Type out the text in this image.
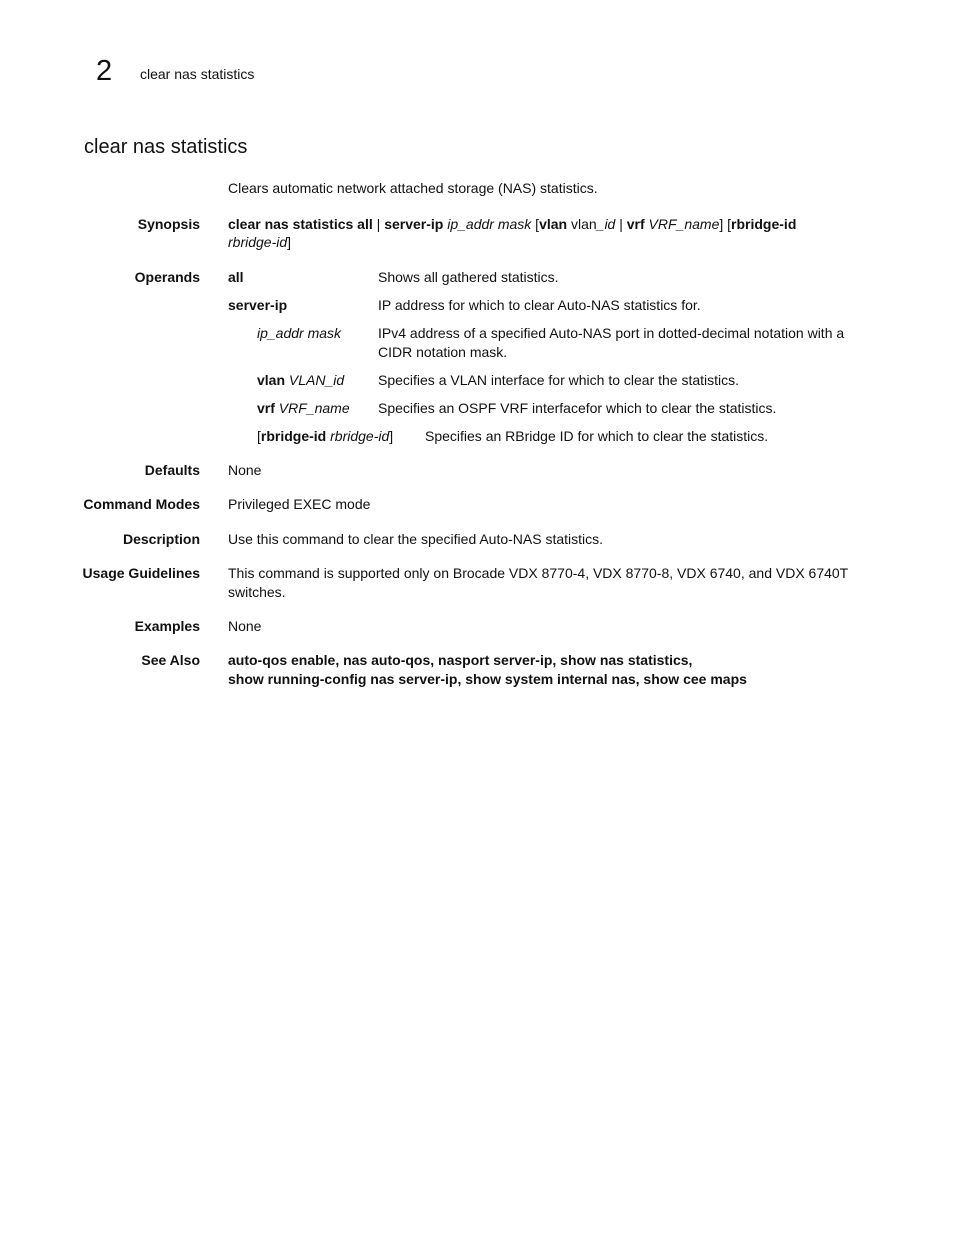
2 clear nas statistics
clear nas statistics
Clears automatic network attached storage (NAS) statistics.
Synopsis clear nas statistics all | server-ip ip_addr mask [vlan vlan_id | vrf VRF_name] [rbridge-id
rbridge-id]
Operands all	Shows all gathered statistics.
server-ip	IP address for which to clear Auto-NAS statistics for.
ip_addr mask	IPv4 address of a specified Auto-NAS port in dotted-decimal notation with a CIDR notation mask.
vlan VLAN_id Specifies a VLAN interface for which to clear the statistics.
vrf VRF_name Specifies an OSPF VRF interfacefor which to clear the statistics.
[rbridge-id rbridge-id] Specifies an RBridge ID for which to clear the statistics.
Defaults None
Command Modes Privileged EXEC mode
Description Use this command to clear the specified Auto-NAS statistics.
Usage Guidelines This command is supported only on Brocade VDX 8770-4, VDX 8770-8, VDX 6740, and VDX 6740T switches.
Examples None
See Also auto-qos enable, nas auto-qos, nasport server-ip, show nas statistics,
show running-config nas server-ip, show system internal nas, show cee maps
